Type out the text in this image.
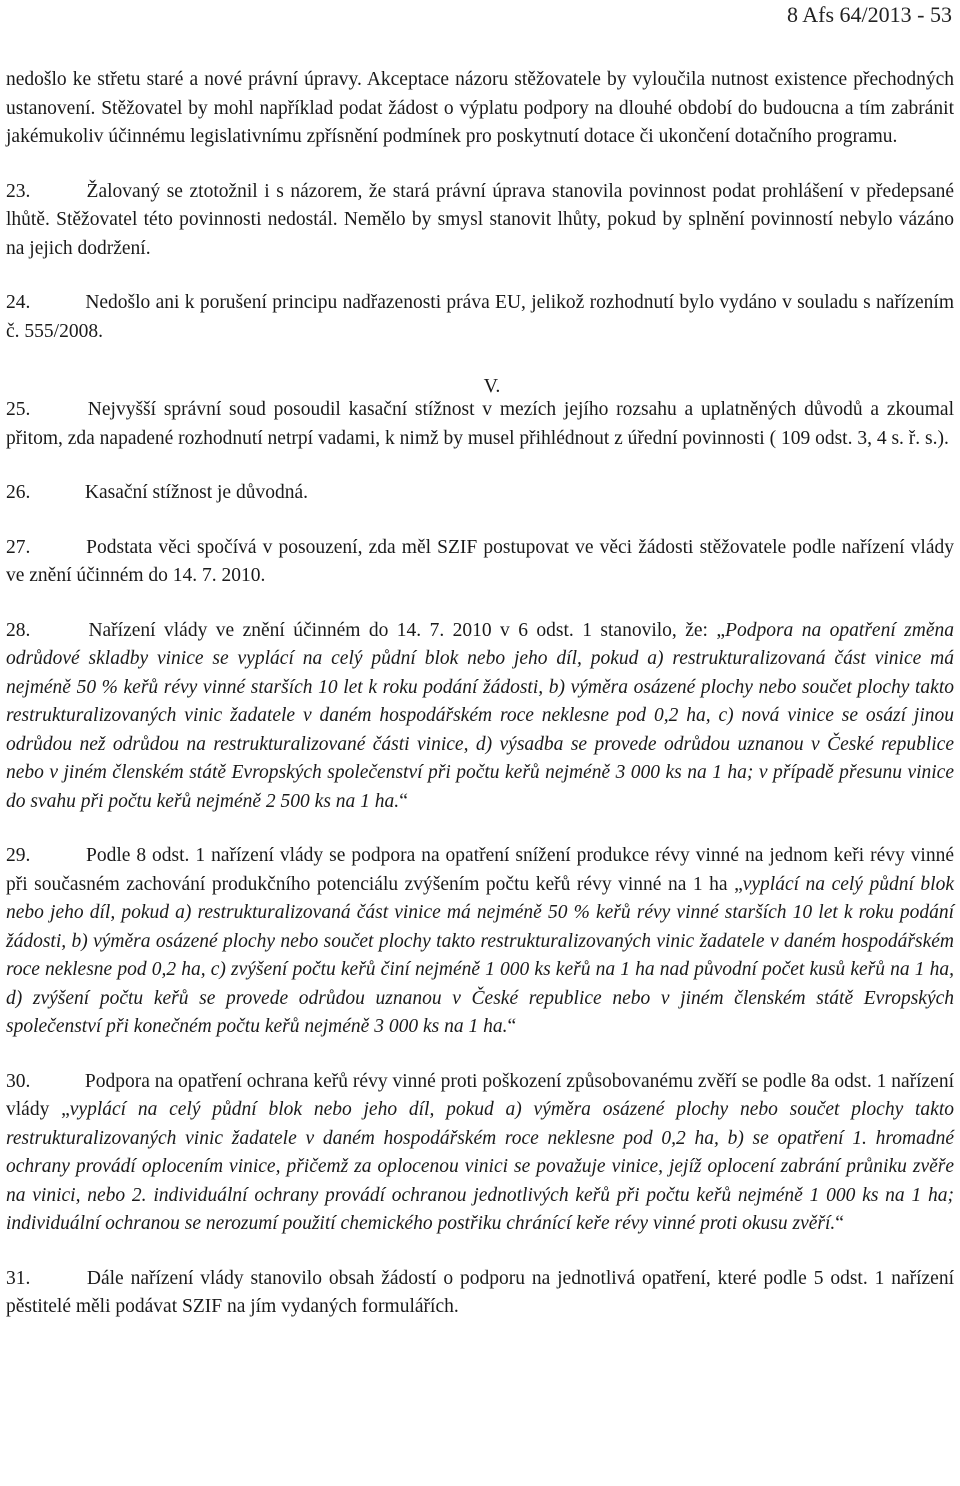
8 Afs 64/2013 - 53

nedošlo ke střetu staré a nové právní úpravy. Akceptace názoru stěžovatele by vyloučila nutnost existence přechodných ustanovení. Stěžovatel by mohl například podat žádost o výplatu podpory na dlouhé období do budoucna a tím zabránit jakémukoliv účinnému legislativnímu zpřísnění podmínek pro poskytnutí dotace či ukončení dotačního programu.

23.	Žalovaný se ztotožnil i s názorem, že stará právní úprava stanovila povinnost podat prohlášení v předepsané lhůtě. Stěžovatel této povinnosti nedostál. Nemělo by smysl stanovit lhůty, pokud by splnění povinností nebylo vázáno na jejich dodržení.

24.	Nedošlo ani k porušení principu nadřazenosti práva EU, jelikož rozhodnutí bylo vydáno v souladu s nařízením č. 555/2008.

V.

25.	Nejvyšší správní soud posoudil kasační stížnost v mezích jejího rozsahu a uplatněných důvodů a zkoumal přitom, zda napadené rozhodnutí netrpí vadami, k nimž by musel přihlédnout z úřední povinnosti ( 109 odst. 3, 4 s. ř. s.).

26.	Kasační stížnost je důvodná.

27.	Podstata věci spočívá v posouzení, zda měl SZIF postupovat ve věci žádosti stěžovatele podle nařízení vlády ve znění účinném do 14. 7. 2010.

28.	Nařízení vlády ve znění účinném do 14. 7. 2010 v 6 odst. 1 stanovilo, že: „Podpora na opatření změna odrůdové skladby vinice se vyplácí na celý půdní blok nebo jeho díl, pokud a) restrukturalizovaná část vinice má nejméně 50 % keřů révy vinné starších 10 let k roku podání žádosti, b) výměra osázené plochy nebo součet plochy takto restrukturalizovaných vinic žadatele v daném hospodářském roce neklesne pod 0,2 ha, c) nová vinice se osází jinou odrůdou než odrůdou na restrukturalizované části vinice, d) výsadba se provede odrůdou uznanou v České republice nebo v jiném členském státě Evropských společenství při počtu keřů nejméně 3 000 ks na 1 ha; v případě přesunu vinice do svahu při počtu keřů nejméně 2 500 ks na 1 ha.“

29.	Podle 8 odst. 1 nařízení vlády se podpora na opatření snížení produkce révy vinné na jednom keři révy vinné při současném zachování produkčního potenciálu zvýšením počtu keřů révy vinné na 1 ha „vyplácí na celý půdní blok nebo jeho díl, pokud a) restrukturalizovaná část vinice má nejméně 50 % keřů révy vinné starších 10 let k roku podání žádosti, b) výměra osázené plochy nebo součet plochy takto restrukturalizovaných vinic žadatele v daném hospodářském roce neklesne pod 0,2 ha, c) zvýšení počtu keřů činí nejméně 1 000 ks keřů na 1 ha nad původní počet kusů keřů na 1 ha, d) zvýšení počtu keřů se provede odrůdou uznanou v České republice nebo v jiném členském státě Evropských společenství při konečném počtu keřů nejméně 3 000 ks na 1 ha.“

30.	Podpora na opatření ochrana keřů révy vinné proti poškození způsobovanému zvěří se podle 8a odst. 1 nařízení vlády „vyplácí na celý půdní blok nebo jeho díl, pokud a) výměra osázené plochy nebo součet plochy takto restrukturalizovaných vinic žadatele v daném hospodářském roce neklesne pod 0,2 ha, b) se opatření 1. hromadné ochrany provádí oplocením vinice, přičemž za oplocenou vinici se považuje vinice, jejíž oplocení zabrání průniku zvěře na vinici, nebo 2. individuální ochrany provádí ochranou jednotlivých keřů při počtu keřů nejméně 1 000 ks na 1 ha; individuální ochranou se nerozumí použití chemického postřiku chránící keře révy vinné proti okusu zvěří.“

31.	Dále nařízení vlády stanovilo obsah žádostí o podporu na jednotlivá opatření, které podle 5 odst. 1 nařízení pěstitelé měli podávat SZIF na jím vydaných formulářích.
